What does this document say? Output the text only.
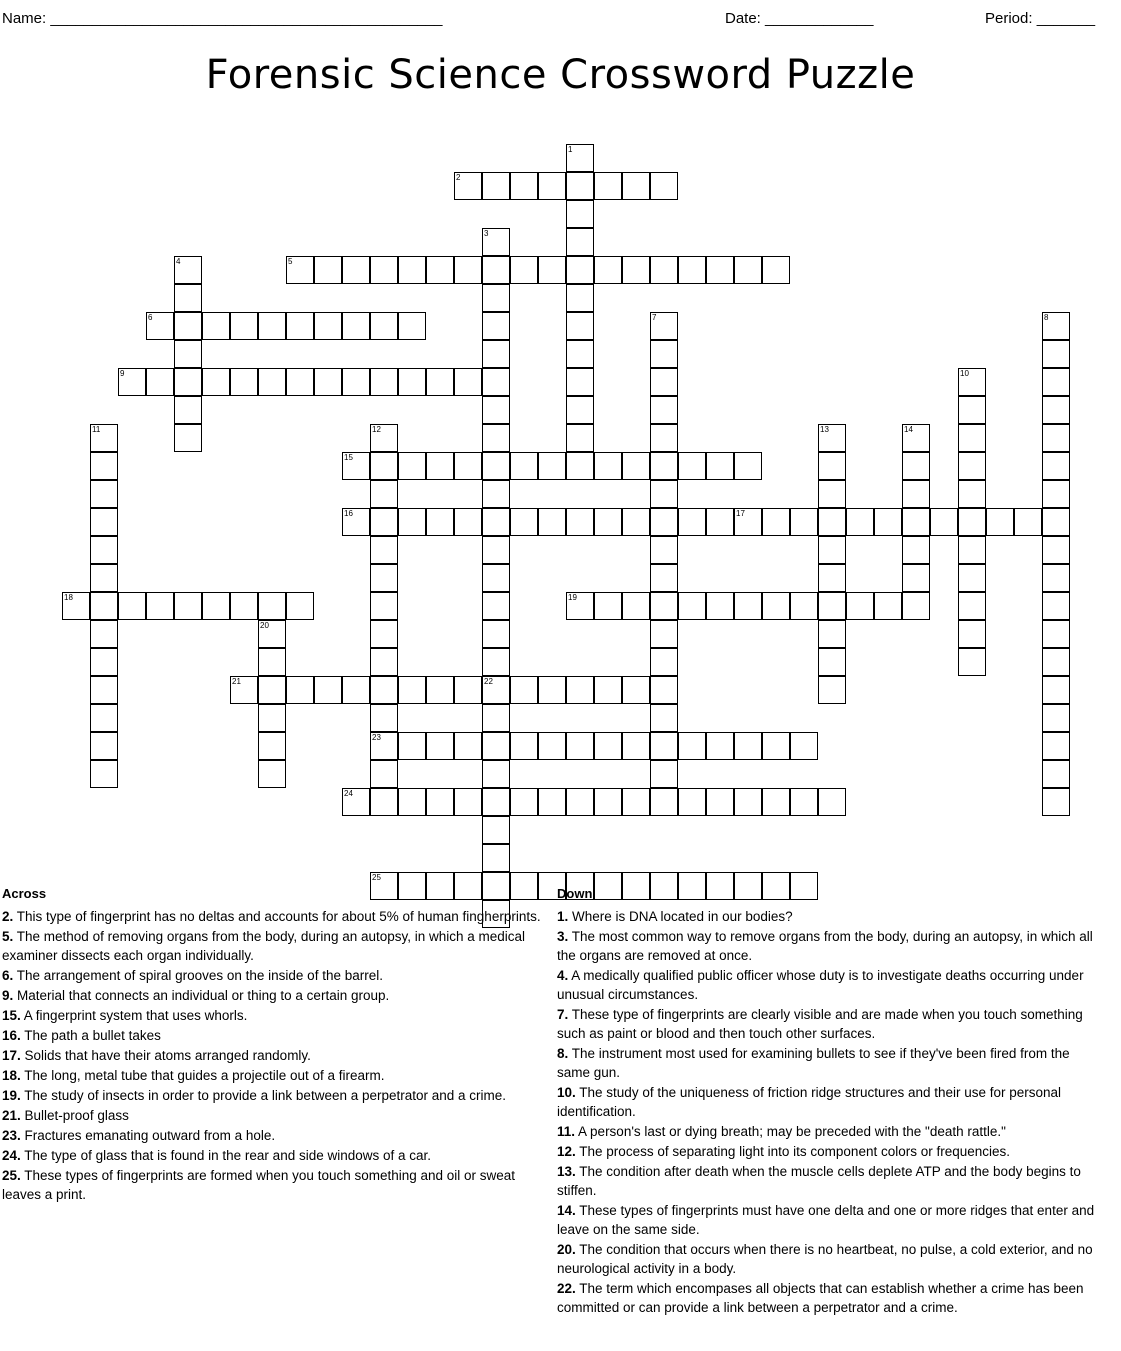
Name: _______________________________________________	Date: _____________	Period: _______
Forensic Science Crossword Puzzle
1
2
3
22
4	5
6	7	8
9	10
11	12
23
13	14
15
16	17
18	19
20
21
24
25
Across

2. This type of fingerprint has no deltas and accounts for about 5% of human fingherprints.

5. The method of removing organs from the body, during an autopsy, in which a medical examiner dissects each organ individually.

6. The arrangement of spiral grooves on the inside of the barrel.

9. Material that connects an individual or thing to a certain group.

15. A fingerprint system that uses whorls.

16. The path a bullet takes

17. Solids that have their atoms arranged randomly.

18. The long, metal tube that guides a projectile out of a firearm.

19. The study of insects in order to provide a link between a perpetrator and a crime.

21. Bullet-proof glass

23. Fractures emanating outward from a hole.

24. The type of glass that is found in the rear and side windows of a car.

25. These types of fingerprints are formed when you touch something and oil or sweat leaves a print.

Down

1. Where is DNA located in our bodies?

3. The most common way to remove organs from the body, during an autopsy, in which all the organs are removed at once.

4. A medically qualified public officer whose duty is to investigate deaths occurring under unusual circumstances.

7. These type of fingerprints are clearly visible and are made when you touch something such as paint or blood and then touch other surfaces.

8. The instrument most used for examining bullets to see if they've been fired from the same gun.

10. The study of the uniqueness of friction ridge structures and their use for personal identification.

11. A person's last or dying breath; may be preceded with the "death rattle."

12. The process of separating light into its component colors or frequencies.

13. The condition after death when the muscle cells deplete ATP and the body begins to stiffen.

14. These types of fingerprints must have one delta and one or more ridges that enter and leave on the same side.

20. The condition that occurs when there is no heartbeat, no pulse, a cold exterior, and no neurological activity in a body.

22. The term which encompases all objects that can establish whether a crime has been committed or can provide a link between a perpetrator and a crime.
